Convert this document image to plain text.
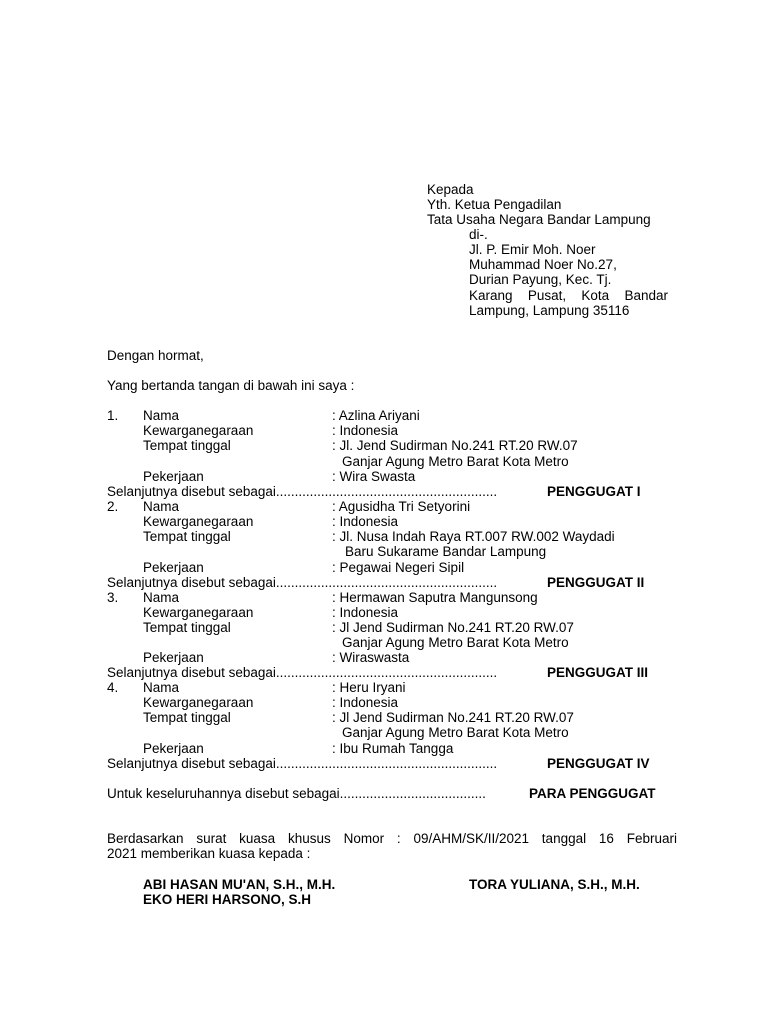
Kepada
Yth. Ketua Pengadilan
Tata Usaha Negara Bandar Lampung
di-.
Jl. P. Emir Moh. Noer
Muhammad Noer No.27,
Durian Payung, Kec. Tj.
Karang Pusat, Kota Bandar
Lampung, Lampung 35116
Dengan hormat,
Yang bertanda tangan di bawah ini saya :
1. Nama	: Azlina Ariyani
Kewarganegaraan	: Indonesia
Tempat tinggal	: Jl. Jend Sudirman No.241 RT.20 RW.07
Ganjar Agung Metro Barat Kota Metro
Pekerjaan	: Wira Swasta
Selanjutnya disebut sebagai...........................................................	PENGGUGAT I
2. Nama	: Agusidha Tri Setyorini
Kewarganegaraan	: Indonesia
Tempat tinggal	: Jl. Nusa Indah Raya RT.007 RW.002 Waydadi
Baru Sukarame Bandar Lampung
Pekerjaan	: Pegawai Negeri Sipil
Selanjutnya disebut sebagai...........................................................	PENGGUGAT II
3. Nama	: Hermawan Saputra Mangunsong
Kewarganegaraan	: Indonesia
Tempat tinggal	: Jl Jend Sudirman No.241 RT.20 RW.07
Ganjar Agung Metro Barat Kota Metro
Pekerjaan	: Wiraswasta
Selanjutnya disebut sebagai...........................................................	PENGGUGAT III
4. Nama	: Heru Iryani
Kewarganegaraan	: Indonesia
Tempat tinggal	: Jl Jend Sudirman No.241 RT.20 RW.07
Ganjar Agung Metro Barat Kota Metro
Pekerjaan	: Ibu Rumah Tangga
Selanjutnya disebut sebagai...........................................................	PENGGUGAT IV
Untuk keseluruhannya disebut sebagai.......................................	PARA PENGGUGAT
Berdasarkan surat kuasa khusus Nomor : 09/AHM/SK/II/2021 tanggal 16 Februari
2021 memberikan kuasa kepada :
ABI HASAN MU'AN, S.H., M.H.	TORA YULIANA, S.H., M.H.
EKO HERI HARSONO, S.H
